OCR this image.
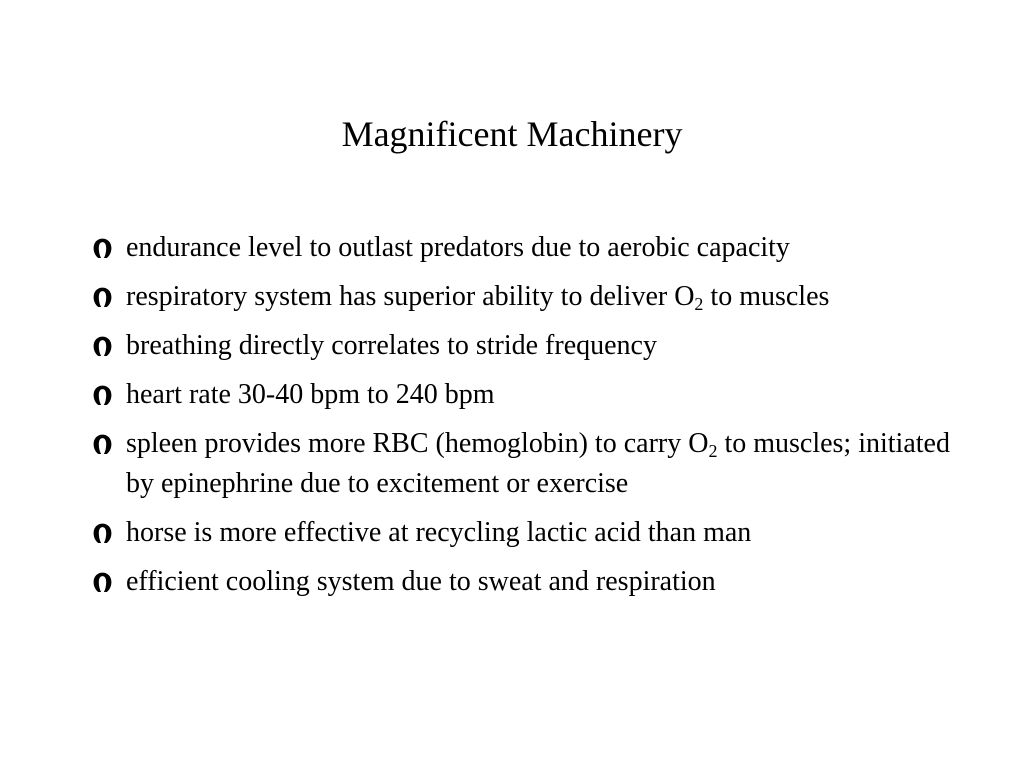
Magnificent Machinery
endurance level to outlast predators due to aerobic capacity
respiratory system has superior ability to deliver $O_2$ to muscles
breathing directly correlates to stride frequency
heart rate 30-40 bpm to 240 bpm
spleen provides more RBC (hemoglobin) to carry $O_2$ to muscles; initiated by epinephrine due to excitement or exercise
horse is more effective at recycling lactic acid than man
efficient cooling system due to sweat and respiration
